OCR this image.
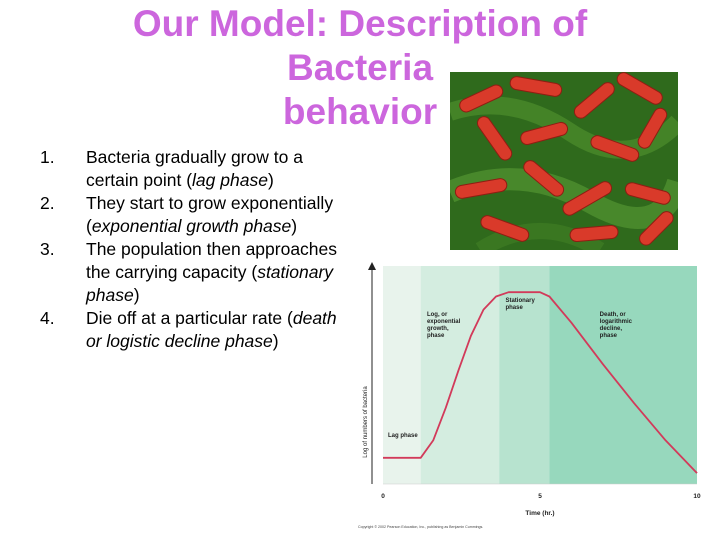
Our Model: Description of
Bacteria
behavior
1. Bacteria gradually grow to a certain point (lag phase)
2. They start to grow exponentially (exponential growth phase)
3. The population then approaches the carrying capacity (stationary phase)
4. Die off at a particular rate (death or logistic decline phase)
Lag phase
Log, or exponential growth, phase
Stationary phase
Death, or logarithmic decline, phase
Log of numbers of bacteria
0	5	10
Time (hr.)
Copyright © 2002 Pearson Education, Inc., publishing as Benjamin Cummings.
